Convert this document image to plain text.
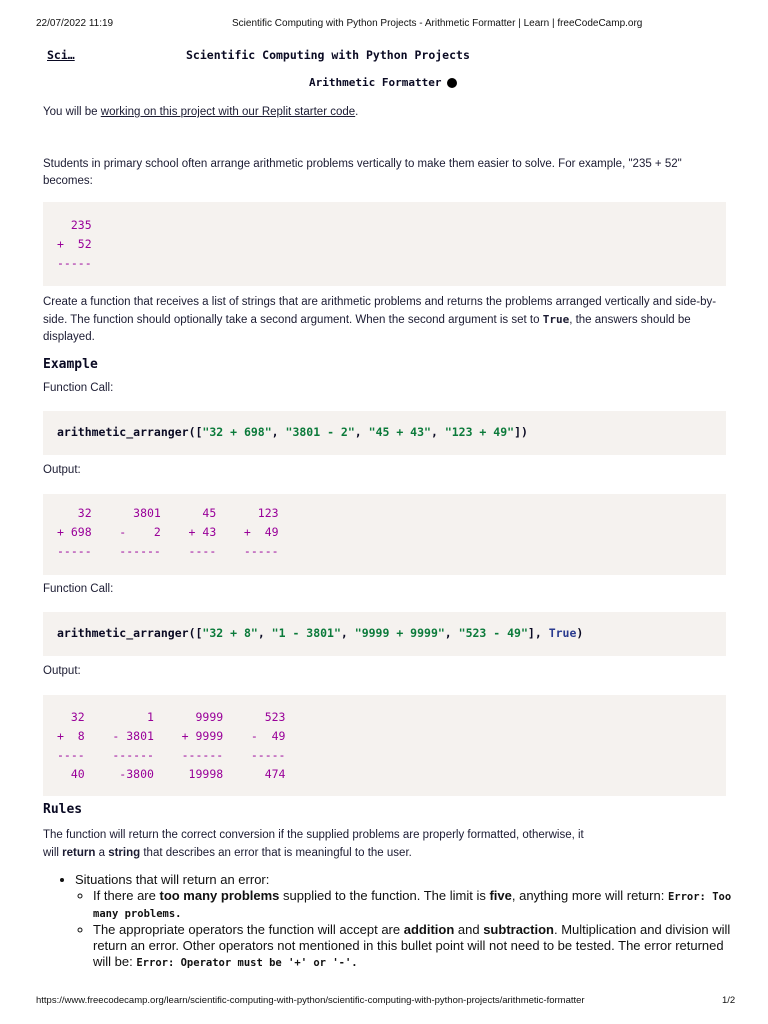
22/07/2022 11:19	Scientific Computing with Python Projects - Arithmetic Formatter | Learn | freeCodeCamp.org
Sci…	Scientific Computing with Python Projects
Arithmetic Formatter

You will be working on this project with our Replit starter code.

Students in primary school often arrange arithmetic problems vertically to make them easier to solve. For example, "235 + 52" becomes:

235
+  52
-----

Create a function that receives a list of strings that are arithmetic problems and returns the problems arranged vertically and side-by-side. The function should optionally take a second argument. When the second argument is set to True, the answers should be displayed.

Example
Function Call:
arithmetic_arranger(["32 + 698", "3801 - 2", "45 + 43", "123 + 49"])
Output:
32      3801      45      123
+ 698    -    2    + 43    +  49
-----    ------    ----    -----
Function Call:
arithmetic_arranger(["32 + 8", "1 - 3801", "9999 + 9999", "523 - 49"], True)
Output:
32         1      9999      523
+  8    - 3801    + 9999    -  49
----    ------    ------    -----
40     -3800     19998      474
Rules
The function will return the correct conversion if the supplied problems are properly formatted, otherwise, it
will return a string that describes an error that is meaningful to the user.
• Situations that will return an error:
◦ If there are too many problems supplied to the function. The limit is five, anything more will return: Error: Too many problems.
◦ The appropriate operators the function will accept are addition and subtraction. Multiplication and division will return an error. Other operators not mentioned in this bullet point will not need to be tested. The error returned will be: Error: Operator must be '+' or '-'.
https://www.freecodecamp.org/learn/scientific-computing-with-python/scientific-computing-with-python-projects/arithmetic-formatter	1/2
